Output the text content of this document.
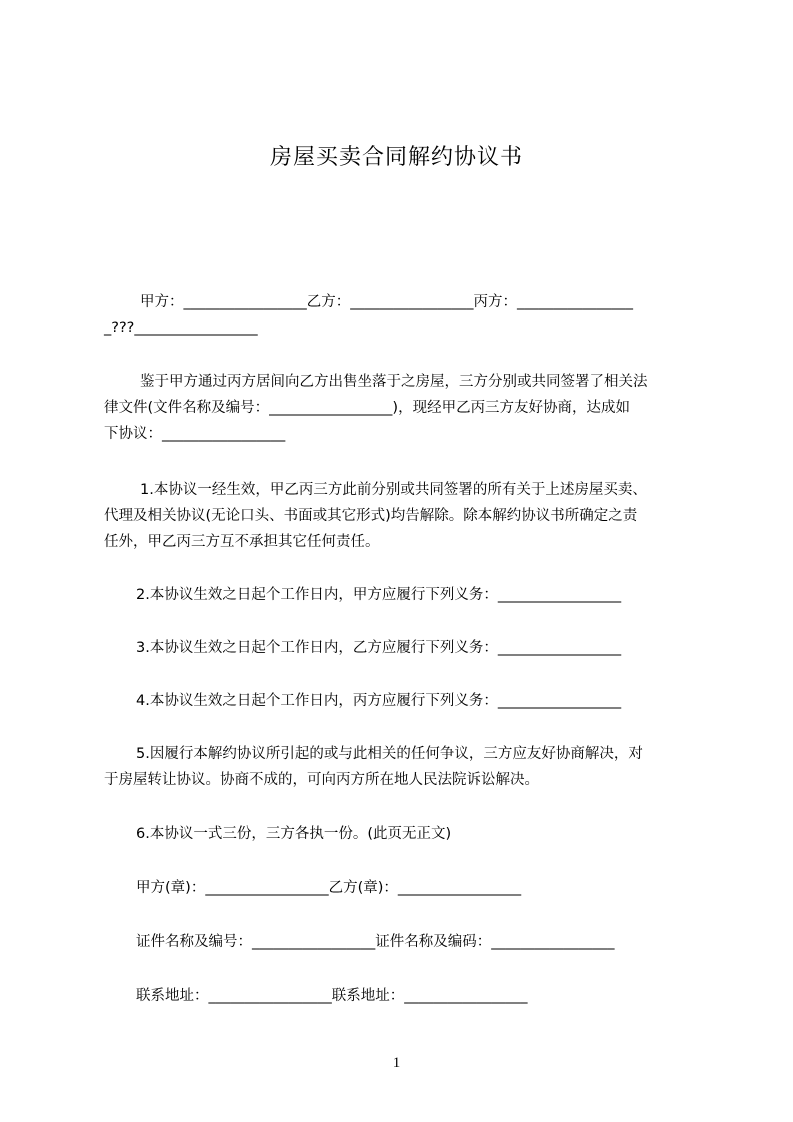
房屋买卖合同解约协议书
甲方：_________________乙方：_________________丙方：________________
_???_________________
鉴于甲方通过丙方居间向乙方出售坐落于之房屋，三方分别或共同签署了相关法
律文件(文件名称及编号：_________________)，现经甲乙丙三方友好协商，达成如
下协议：_________________
1.本协议一经生效，甲乙丙三方此前分别或共同签署的所有关于上述房屋买卖、
代理及相关协议(无论口头、书面或其它形式)均告解除。除本解约协议书所确定之责
任外，甲乙丙三方互不承担其它任何责任。
2.本协议生效之日起个工作日内，甲方应履行下列义务：_________________
3.本协议生效之日起个工作日内，乙方应履行下列义务：_________________
4.本协议生效之日起个工作日内，丙方应履行下列义务：_________________
5.因履行本解约协议所引起的或与此相关的任何争议，三方应友好协商解决，对
于房屋转让协议。协商不成的，可向丙方所在地人民法院诉讼解决。
6.本协议一式三份，三方各执一份。(此页无正文)
甲方(章)：_________________乙方(章)：_________________
证件名称及编号：_________________证件名称及编码：_________________
联系地址：_________________联系地址：_________________
1
